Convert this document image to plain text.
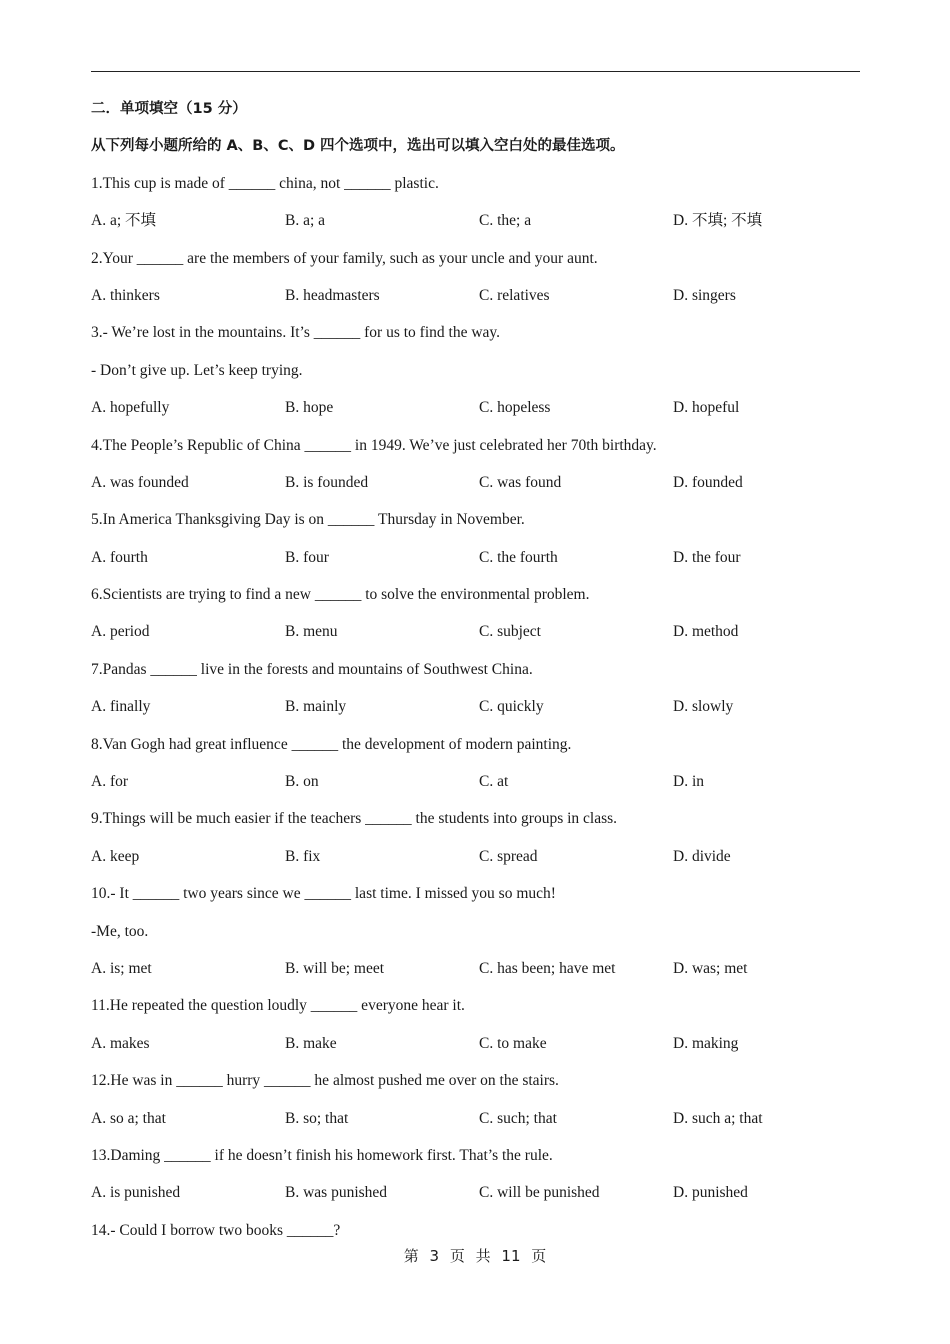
二．单项填空（15 分）
从下列每小题所给的 A、B、C、D 四个选项中，选出可以填入空白处的最佳选项。
1.This cup is made of ______ china, not ______ plastic.
A. a; 不填	B. a; a	C. the; a	D. 不填; 不填
2.Your ______ are the members of your family, such as your uncle and your aunt.
A. thinkers	B. headmasters	C. relatives	D. singers
3.- We’re lost in the mountains. It’s ______ for us to find the way.
- Don’t give up. Let’s keep trying.
A. hopefully	B. hope	C. hopeless	D. hopeful
4.The People’s Republic of China ______ in 1949. We’ve just celebrated her 70th birthday.
A. was founded	B. is founded	C. was found	D. founded
5.In America Thanksgiving Day is on ______ Thursday in November.
A. fourth	B. four	C. the fourth	D. the four
6.Scientists are trying to find a new ______ to solve the environmental problem.
A. period	B. menu	C. subject	D. method
7.Pandas ______ live in the forests and mountains of Southwest China.
A. finally	B. mainly	C. quickly	D. slowly
8.Van Gogh had great influence ______ the development of modern painting.
A. for	B. on	C. at	D. in
9.Things will be much easier if the teachers ______ the students into groups in class.
A. keep	B. fix	C. spread	D. divide
10.- It ______ two years since we ______ last time. I missed you so much!
-Me, too.
A. is; met	B. will be; meet	C. has been; have met	D. was; met
11.He repeated the question loudly ______ everyone hear it.
A. makes	B. make	C. to make	D. making
12.He was in ______ hurry ______ he almost pushed me over on the stairs.
A. so a; that	B. so; that	C. such; that	D. such a; that
13.Daming ______ if he doesn’t finish his homework first. That’s the rule.
A. is punished	B. was punished	C. will be punished	D. punished
14.- Could I borrow two books ______?
第 3 页 共 11 页
